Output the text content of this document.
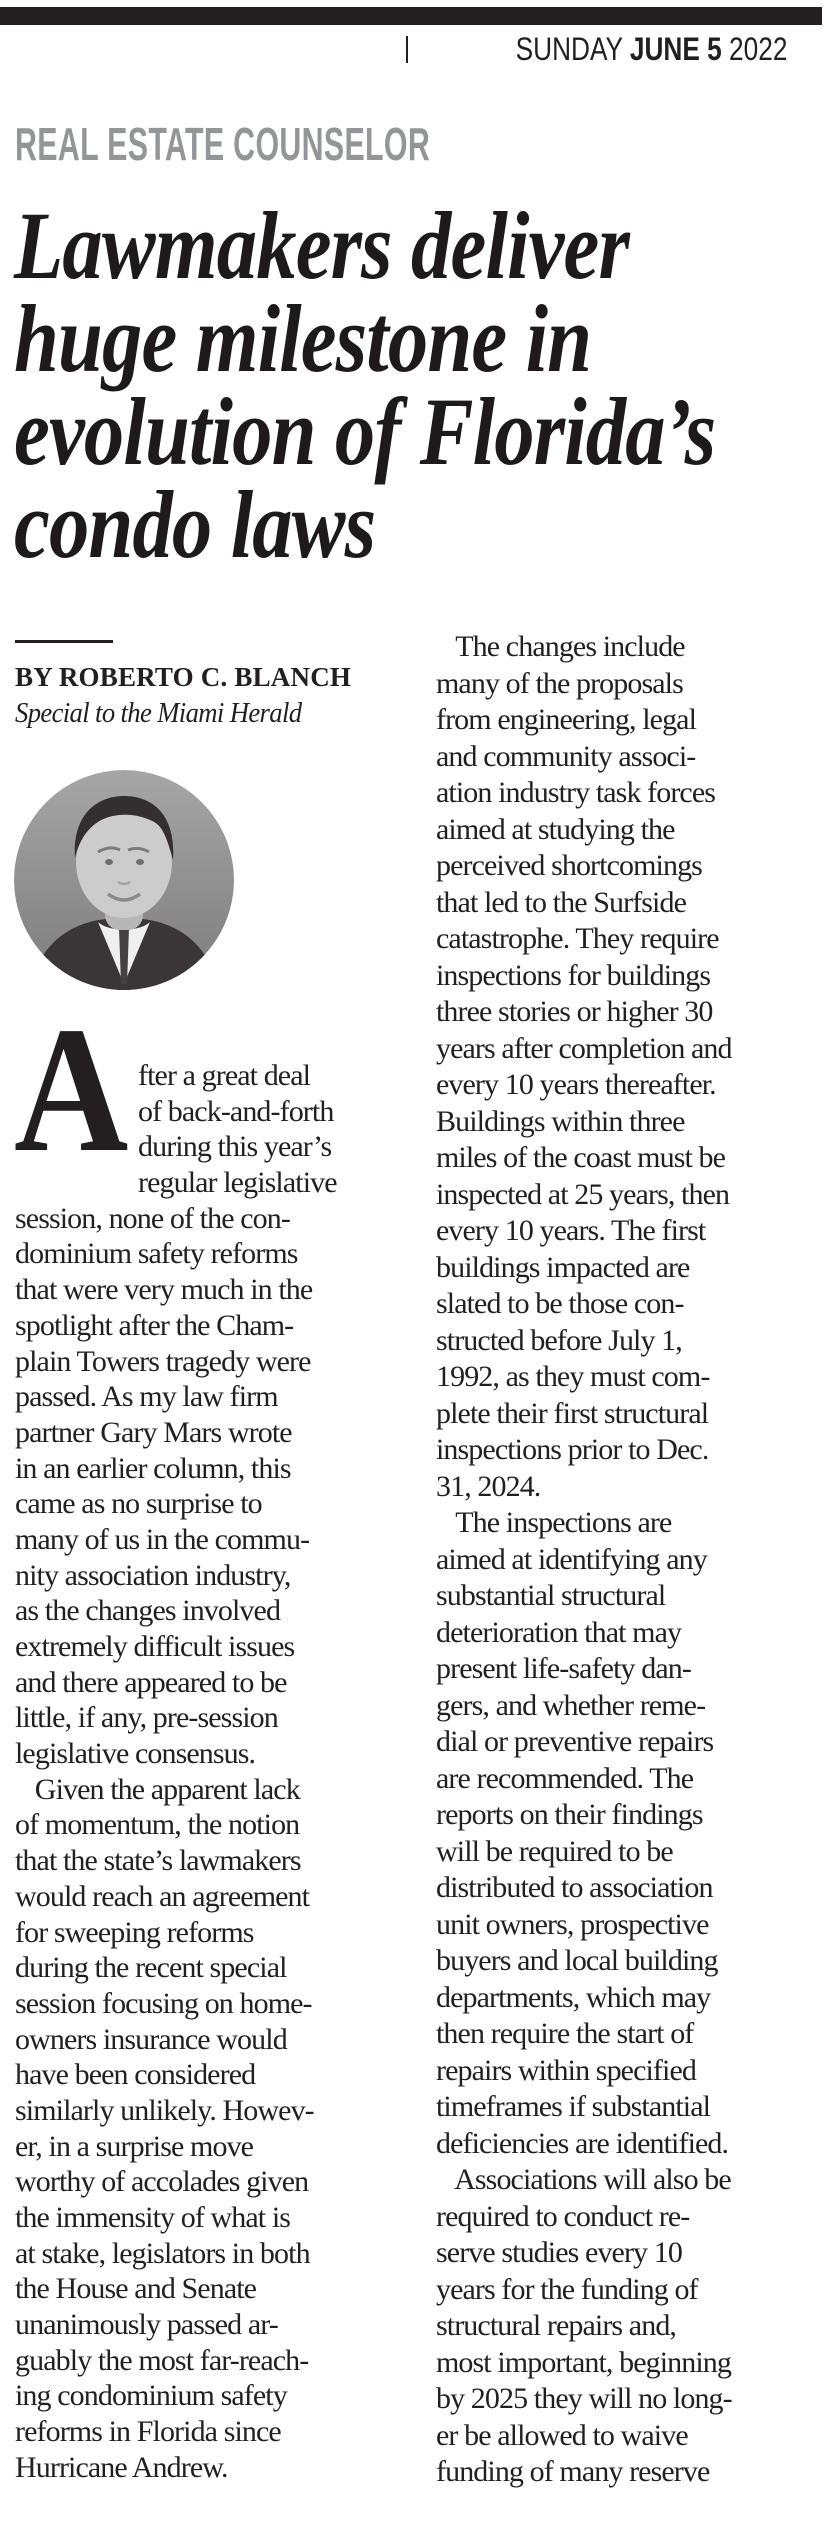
SUNDAY JUNE 5 2022
REAL ESTATE COUNSELOR
Lawmakers deliver
huge milestone in
evolution of Florida’s
condo laws
BY ROBERTO C. BLANCH
Special to the Miami Herald
A fter a great deal
of back-and-forth
during this year’s
regular legislative
session, none of the con-
dominium safety reforms
that were very much in the
spotlight after the Cham-
plain Towers tragedy were
passed. As my law firm
partner Gary Mars wrote
in an earlier column, this
came as no surprise to
many of us in the commu-
nity association industry,
as the changes involved
extremely difficult issues
and there appeared to be
little, if any, pre-session
legislative consensus.
Given the apparent lack
of momentum, the notion
that the state’s lawmakers
would reach an agreement
for sweeping reforms
during the recent special
session focusing on home-
owners insurance would
have been considered
similarly unlikely. Howev-
er, in a surprise move
worthy of accolades given
the immensity of what is
at stake, legislators in both
the House and Senate
unanimously passed ar-
guably the most far-reach-
ing condominium safety
reforms in Florida since
Hurricane Andrew.
The changes include
many of the proposals
from engineering, legal
and community associ-
ation industry task forces
aimed at studying the
perceived shortcomings
that led to the Surfside
catastrophe. They require
inspections for buildings
three stories or higher 30
years after completion and
every 10 years thereafter.
Buildings within three
miles of the coast must be
inspected at 25 years, then
every 10 years. The first
buildings impacted are
slated to be those con-
structed before July 1,
1992, as they must com-
plete their first structural
inspections prior to Dec.
31, 2024.
The inspections are
aimed at identifying any
substantial structural
deterioration that may
present life-safety dan-
gers, and whether reme-
dial or preventive repairs
are recommended. The
reports on their findings
will be required to be
distributed to association
unit owners, prospective
buyers and local building
departments, which may
then require the start of
repairs within specified
timeframes if substantial
deficiencies are identified.
Associations will also be
required to conduct re-
serve studies every 10
years for the funding of
structural repairs and,
most important, beginning
by 2025 they will no long-
er be allowed to waive
funding of many reserve
